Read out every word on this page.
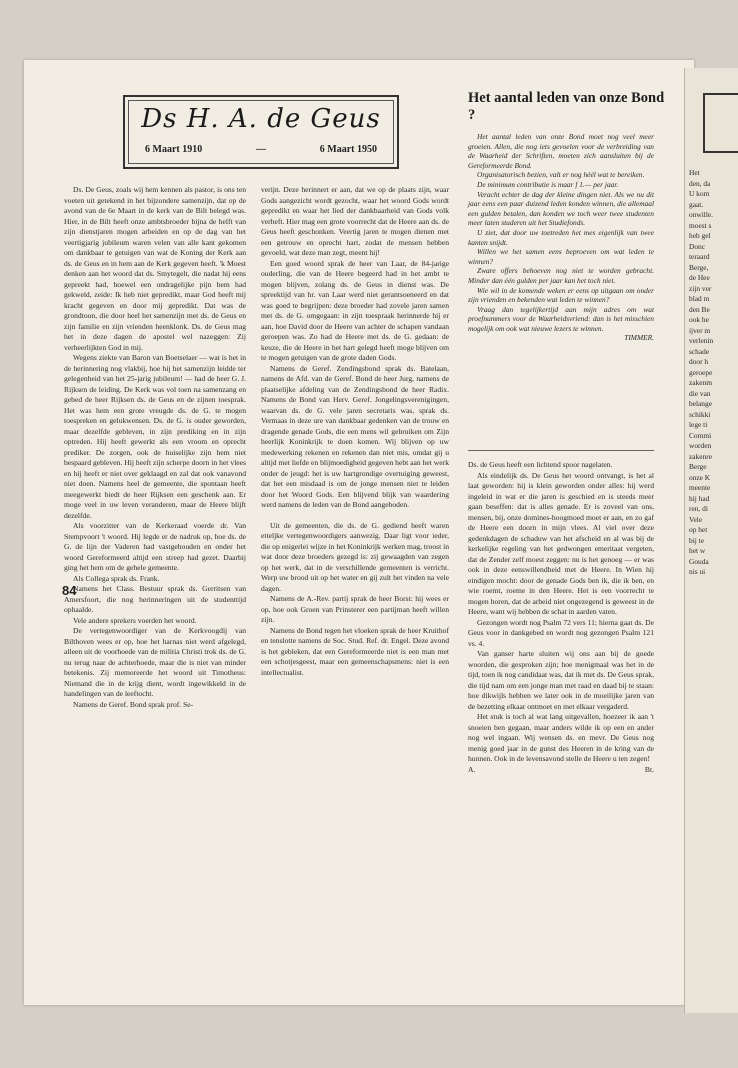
Ds H. A. de Geus
6 Maart 1910	—	6 Maart 1950

Ds. De Geus, zoals wij hem kennen als pastor, is ons ten voeten uit getekend in het bijzondere samenzijn, dat op de avond van de 6e Maart in de kerk van de Bilt belegd was. Hier, in de Bilt heeft onze ambtsbroeder bijna de helft van zijn dienstjaren mogen arbeiden en op de dag van het veertigjarig jubileum waren velen van alle kant gekomen om dankbaar te getuigen van wat de Koning der Kerk aan ds. de Geus en in hem aan de Kerk gegeven heeft. 'k Moest denken aan het woord dat ds. Smytegelt, die nadat hij eens gepreekt had, hoewel een ondragelijke pijn hem had gekweld, zeide: Ik heb niet gepredikt, maar God heeft mij kracht gegeven en door mij gepredikt. Dat was de grondtoon, die door heel het samenzijn met ds. de Geus en zijn familie en zijn vrienden heenklonk. Ds. de Geus mag het in deze dagen de apostel wel nazeggen: Zij verheerlijkten God in mij.

Wegens ziekte van Baron van Boetselaer — wat is het in de herinnering nog vlakbij, hoe hij het samenzijn leidde ter gelegenheid van het 25-jarig jubileum! — had de heer G. J. Rijksen de leiding. De Kerk was vol toen na samenzang en gebed de heer Rijksen ds. de Geus en de zijnen toesprak. Het was hem een grote vreugde ds. de G. te mogen toespreken en gelukwensen. Ds. de G. is ouder geworden, maar dezelfde gebleven, in zijn prediking en in zijn optreden. Hij heeft gewerkt als een vroom en oprecht prediker. De zorgen, ook de huiselijke zijn hem niet bespaard gebleven. Hij heeft zijn scherpe doorn in het vlees en hij heeft er niet over geklaagd en zal dat ook vanavond niet doen. Namens heel de gemeente, die spontaan heeft meegewerkt biedt de heer Rijksen een geschenk aan. Er moge veel in uw leven veranderen, maar de Heere blijft dezelfde.

Als voorzitter van de Kerkeraad voerde dr. Van Stempvoort 't woord. Hij legde er de nadruk op, hoe ds. de G. de lijn der Vaderen had vastgehouden en onder het woord Gereformeerd altijd een streep had gezet. Daarbij ging het hem om de gehele gemeente.

Als Collega sprak ds. Frank.

Namens het Class. Bestuur sprak ds. Gerritsen van Amersfoort, die nog herinneringen uit de studenttijd ophaalde.

Vele andere sprekers voerden het woord.

De vertegenwoordiger van de Kerkvoogdij van Bilthoven wees er op, hoe het harnas niet werd afgelegd, alleen uit de voorhoede van de militia Christi trok ds. de G. nu terug naar de achterhoede, maar die is niet van minder betekenis. Zij memoreerde het woord uit Timotheus: Niemand die in de krijg dient, wordt ingewikkeld in de handelingen van de leeftocht.

Namens de Geref. Bond sprak prof. Se-

verijn. Deze herinnert er aan, dat we op de plaats zijn, waar Gods aangezicht wordt gezocht, waar het woord Gods wordt gepredikt en waar het lied der dankbaarheid van Gods volk verheft. Hier mag een grote voorrecht dat de Heere aan ds. de Geus heeft geschonken. Veertig jaren te mogen dienen met een getrouw en oprecht hart, zodat de mensen hebben gevoeld, wat deze man zegt, meent hij!

Een goed woord sprak de heer van Laar, de 84-jarige ouderling, die van de Heere begeerd had in het ambt te mogen blijven, zolang ds. de Geus in dienst was. De spreektijd van hr. van Laar werd niet gerantsoeneerd en dat was goed te begrijpen: deze broeder had zovele jaren samen met ds. de G. omgegaan: in zijn toespraak herinnerde hij er aan, hoe David door de Heere van achter de schapen vandaan geroepen was. Zo had de Heere met ds. de G. gedaan: de keuze, die de Heere in het hart gelegd heeft moge blijven om te mogen getuigen van de grote daden Gods.

Namens de Geref. Zendingsbond sprak ds. Batelaan, namens de Afd. van de Geref. Bond de heer Jurg, namens de plaatselijke afdeling van de Zendingsbond de heer Radix. Namens de Bond van Herv. Geref. Jongelingsverenigingen, waarvan ds. de G. vele jaren secretaris was, sprak ds. Vermaas in deze ure van dankbaar gedenken van de trouw en dragende genade Gods, die een mens wil gebruiken om Zijn heerlijk Koninkrijk te doen komen. Wij blijven op uw medewerking rekenen en rekenen dan niet mis, omdat gij u altijd met liefde en blijmoedigheid gegeven hebt aan het werk onder de jeugd: het is uw hartgrondige overtuiging geweest, dat het een misdaad is om de jonge mensen niet te leiden door het Woord Gods. Een blijvend blijk van waardering werd namens de leden van de Bond aangeboden.

Uit de gemeenten, die ds. de G. gediend heeft waren etteljke vertegenwoordigers aanwezig. Daar ligt voor ieder, die op enigerlei wijze in het Koninkrijk werken mag, troost in wat door deze broeders gezegd is: zij gewaagden van zegen op het werk, dat in de verschillende gemeenten is verricht. Werp uw brood uit op het water en gij zult het vinden na vele dagen.

Namens de A.-Rev. partij sprak de heer Borst: hij wees er op, hoe ook Groen van Prinsterer een partijman heeft willen zijn.

Namens de Bond tegen het vloeken sprak de heer Kruithof en tenslotte namens de Soc. Stud. Ref. dr. Engel. Deze avond is het gebleken, dat een Gereformeerde niet is een man met een schotjesgeest, maar een gemeenschapsmens: niet is een intellectualist.

Het aantal leden van onze Bond ?

Het aantal leden van onze Bond moet nog veel meer groeien. Allen, die nog iets gevoelen voor de verbreiding van de Waarheid der Schriften, moeten zich aansluiten bij de Gereformeerde Bond.

Organisatorisch bezien, valt er nog héél wat te bereiken.

De minimum contributie is maar f 1.— per jaar.

Veracht echter de dag der kleine dingen niet. Als we nu dit jaar eens een paar duizend leden konden winnen, die allemaal een gulden betalen, dan konden we toch weer twee studenten meer laten studeren uit het Studiefonds.

U ziet, dat door uw toetreden het mes eigenlijk van twee kanten snijdt.

Willen we het samen eens beproeven om wat leden te winnen?

Zware offers behoeven nog niet te worden gebracht. Minder dan één gulden per jaar kan het toch niet.

Wie wil in de komende weken er eens op uitgaan om onder zijn vrienden en bekenden wat leden te winnen?

Vraag dan tegelijkertijd aan mijn adres om wat proefnummers voor de Waarheidsvriend: dan is het misschien mogelijk om ook wat nieuwe lezers te winnen.

TIMMER.

Ds. de Geus heeft een lichtend spoor nagelaten.

Als eindelijk ds. De Geus het woord ontvangt, is het al laat geworden: hij is klein geworden onder alles: hij werd ingeleid in wat er die jaren is geschied en is steeds meer gaan beseffen: dat is alles genade. Er is zoveel van ons, mensen, bij, onze domines-hoogmoed moet er aan, en zo gaf de Heere een doorn in mijn vlees. Al viel over deze gedenkdagen de schaduw van het afscheid en al was bij de kerkelijke regeling van het gedwongen emeritaat vergeten, dat de Zender zelf moest zeggen: nu is het genoeg — er was ook in deze eenswillendheid met de Heere. In Wien hij eindigen mocht: door de genade Gods ben ik, die ik ben, en wie roemt, roeme in den Heere. Het is een voorrecht te mogen horen, dat de arbeid niet ongezegend is geweest in de Heere, want wij hebben de schat in aarden vaten.

Gezongen wordt nog Psalm 72 vers 11; hierna gaat ds. De Geus voor in dankgebed en wordt nog gezongen Psalm 121 vs. 4.

Van ganser harte sluiten wij ons aan bij de goede woorden, die gesproken zijn; hoe menigmaal was het in de tijd, toen ik nog candidaat was, dat ik met ds. De Geus sprak, die tijd nam om een jonge man met raad en daad bij te staan: hoe dikwijls hebben we later ook in de moeilijke jaren van de bezetting elkaar ontmoet en met elkaar vergaderd.

Het stuk is toch al wat lang uitgevallen, hoezeer ik aan 't snoeien ben gegaan, maar anders wilde ik op een en ander nog wel ingaan. Wij wensen ds. en mevr. De Geus nog menig goed jaar in de gunst des Heeren in de kring van de hunnen. Ook in de levensavond stelle de Heere u ten zegen!

A.	Bt.
84
Het
den, da
U kom
gaat.
onwille.
moest s
heb gel
Donc
teraard
Berge,
de Hee
zijn ver
blad m
den Be
ook he
ijver m
verlenin
schade
door h
geroepe
zakenm
die van
belange
schikki
lege ti
Commi
worden
zakenre
Berge
onze K
meente
hij had
ren, di
Vele
op het
bij te
het w
Gouda
nis ui
